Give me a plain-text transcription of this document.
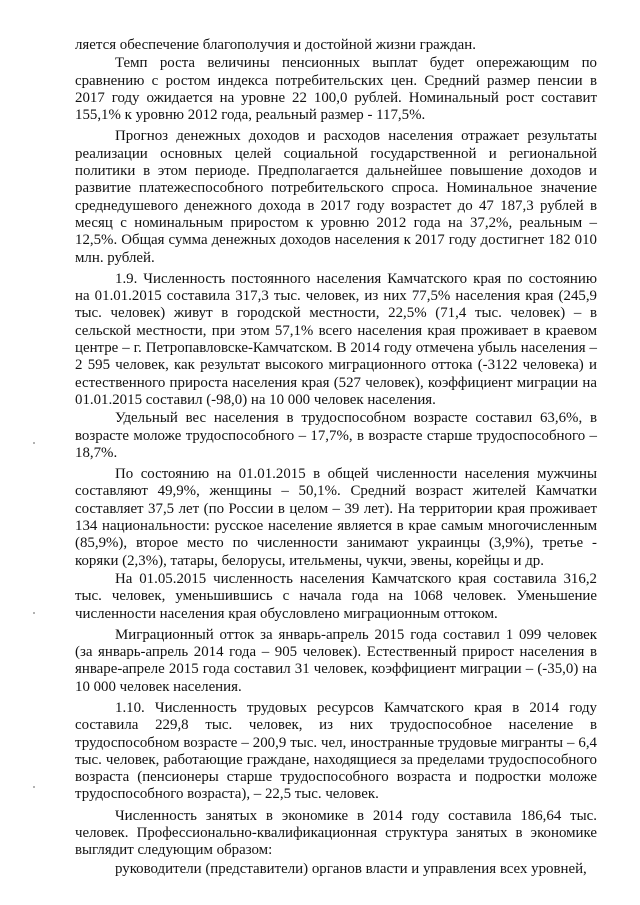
ляется обеспечение благополучия и достойной жизни граждан.

Темп роста величины пенсионных выплат будет опережающим по сравнению с ростом индекса потребительских цен. Средний размер пенсии в 2017 году ожидается на уровне 22 100,0 рублей. Номинальный рост составит 155,1% к уровню 2012 года, реальный размер - 117,5%.

Прогноз денежных доходов и расходов населения отражает результаты реализации основных целей социальной государственной и региональной политики в этом периоде. Предполагается дальнейшее повышение доходов и развитие платежеспособного потребительского спроса. Номинальное значение среднедушевого денежного дохода в 2017 году возрастет до 47 187,3 рублей в месяц с номинальным приростом к уровню 2012 года на 37,2%, реальным – 12,5%. Общая сумма денежных доходов населения к 2017 году достигнет 182 010 млн. рублей.

1.9. Численность постоянного населения Камчатского края по состоянию на 01.01.2015 составила 317,3 тыс. человек, из них 77,5% населения края (245,9 тыс. человек) живут в городской местности, 22,5% (71,4 тыс. человек) – в сельской местности, при этом 57,1% всего населения края проживает в краевом центре – г. Петропавловске-Камчатском. В 2014 году отмечена убыль населения – 2 595 человек, как результат высокого миграционного оттока (-3122 человека) и естественного прироста населения края (527 человек), коэффициент миграции на 01.01.2015 составил (-98,0) на 10 000 человек населения.

Удельный вес населения в трудоспособном возрасте составил 63,6%, в возрасте моложе трудоспособного – 17,7%, в возрасте старше трудоспособного – 18,7%.

По состоянию на 01.01.2015 в общей численности населения мужчины составляют 49,9%, женщины – 50,1%. Средний возраст жителей Камчатки составляет 37,5 лет (по России в целом – 39 лет). На территории края проживает 134 национальности: русское население является в крае самым многочисленным (85,9%), второе место по численности занимают украинцы (3,9%), третье - коряки (2,3%), татары, белорусы, ительмены, чукчи, эвены, корейцы и др.

На 01.05.2015 численность населения Камчатского края составила 316,2 тыс. человек, уменьшившись с начала года на 1068 человек. Уменьшение численности населения края обусловлено миграционным оттоком.

Миграционный отток за январь-апрель 2015 года составил 1 099 человек (за январь-апрель 2014 года – 905 человек). Естественный прирост населения в январе-апреле 2015 года составил 31 человек, коэффициент миграции – (-35,0) на 10 000 человек населения.

1.10. Численность трудовых ресурсов Камчатского края в 2014 году составила 229,8 тыс. человек, из них трудоспособное население в трудоспособном возрасте – 200,9 тыс. чел, иностранные трудовые мигранты – 6,4 тыс. человек, работающие граждане, находящиеся за пределами трудоспособного возраста (пенсионеры старше трудоспособного возраста и подростки моложе трудоспособного возраста), – 22,5 тыс. человек.

Численность занятых в экономике в 2014 году составила 186,64 тыс. человек. Профессионально-квалификационная структура занятых в экономике выглядит следующим образом:

руководители (представители) органов власти и управления всех уровней,
